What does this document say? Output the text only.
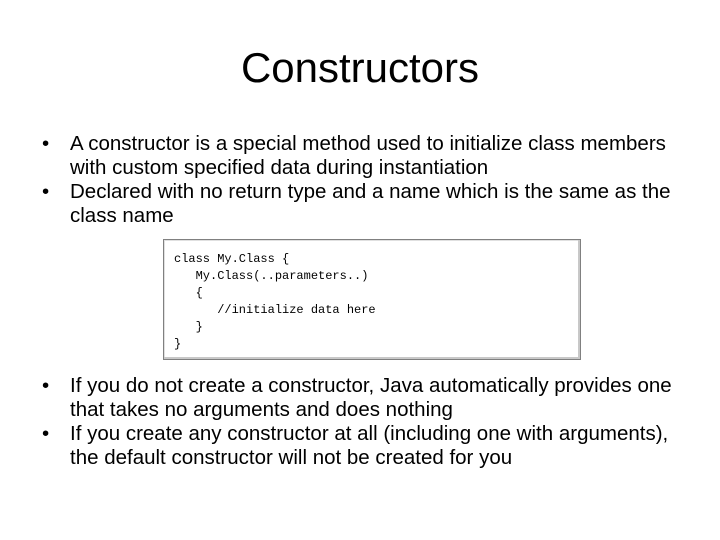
Constructors
•	A constructor is a special method used to initialize class members with custom specified data during instantiation
•	Declared with no return type and a name which is the same as the class name
class My.Class {
My.Class(..parameters..)
{
//initialize data here
}
}
•	If you do not create a constructor, Java automatically provides one that takes no arguments and does nothing
•	If you create any constructor at all (including one with arguments), the default constructor will not be created for you
